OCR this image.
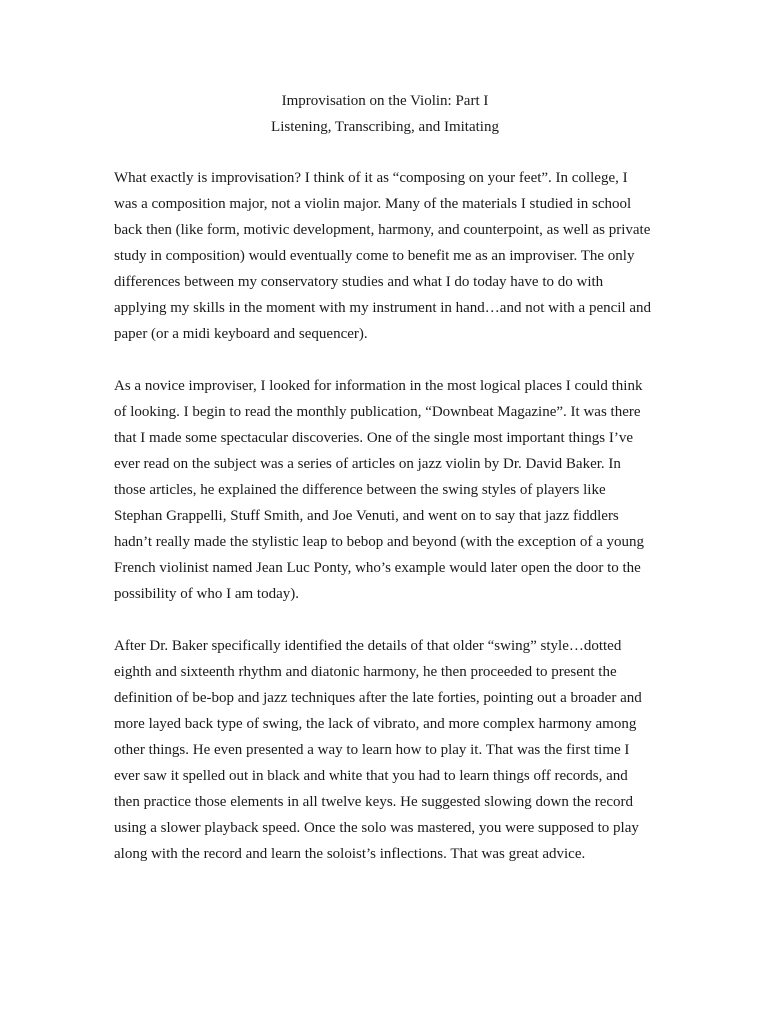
Improvisation on the Violin: Part I
Listening, Transcribing, and Imitating
What exactly is improvisation? I think of it as “composing on your feet”. In college, I
was a composition major, not a violin major. Many of the materials I studied in school
back then (like form, motivic development, harmony, and counterpoint, as well as private
study in composition) would eventually come to benefit me as an improviser. The only
differences between my conservatory studies and what I do today have to do with
applying my skills in the moment with my instrument in hand…and not with a pencil and
paper (or a midi keyboard and sequencer).
As a novice improviser, I looked for information in the most logical places I could think
of looking. I begin to read the monthly publication, “Downbeat Magazine”. It was there
that I made some spectacular discoveries. One of the single most important things I’ve
ever read on the subject was a series of articles on jazz violin by Dr. David Baker. In
those articles, he explained the difference between the swing styles of players like
Stephan Grappelli, Stuff Smith, and Joe Venuti, and went on to say that jazz fiddlers
hadn’t really made the stylistic leap to bebop and beyond (with the exception of a young
French violinist named Jean Luc Ponty, who’s example would later open the door to the
possibility of who I am today).
After Dr. Baker specifically identified the details of that older “swing” style…dotted
eighth and sixteenth rhythm and diatonic harmony, he then proceeded to present the
definition of be-bop and jazz techniques after the late forties, pointing out a broader and
more layed back type of swing, the lack of vibrato, and more complex harmony among
other things. He even presented a way to learn how to play it. That was the first time I
ever saw it spelled out in black and white that you had to learn things off records, and
then practice those elements in all twelve keys. He suggested slowing down the record
using a slower playback speed. Once the solo was mastered, you were supposed to play
along with the record and learn the soloist’s inflections. That was great advice.
